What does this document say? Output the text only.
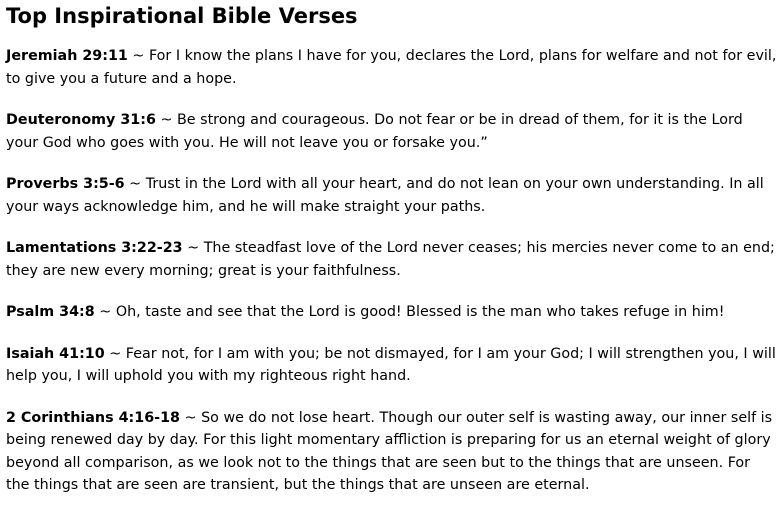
Top Inspirational Bible Verses

Jeremiah 29:11 ~ For I know the plans I have for you, declares the Lord, plans for welfare and not for evil, to give you a future and a hope.

Deuteronomy 31:6 ~ Be strong and courageous. Do not fear or be in dread of them, for it is the Lord your God who goes with you. He will not leave you or forsake you.”

Proverbs 3:5-6 ~ Trust in the Lord with all your heart, and do not lean on your own understanding. In all your ways acknowledge him, and he will make straight your paths.

Lamentations 3:22-23 ~ The steadfast love of the Lord never ceases; his mercies never come to an end; they are new every morning; great is your faithfulness.

Psalm 34:8 ~ Oh, taste and see that the Lord is good! Blessed is the man who takes refuge in him!

Isaiah 41:10 ~ Fear not, for I am with you; be not dismayed, for I am your God; I will strengthen you, I will help you, I will uphold you with my righteous right hand.

2 Corinthians 4:16-18 ~ So we do not lose heart. Though our outer self is wasting away, our inner self is being renewed day by day. For this light momentary affliction is preparing for us an eternal weight of glory beyond all comparison, as we look not to the things that are seen but to the things that are unseen. For the things that are seen are transient, but the things that are unseen are eternal.
